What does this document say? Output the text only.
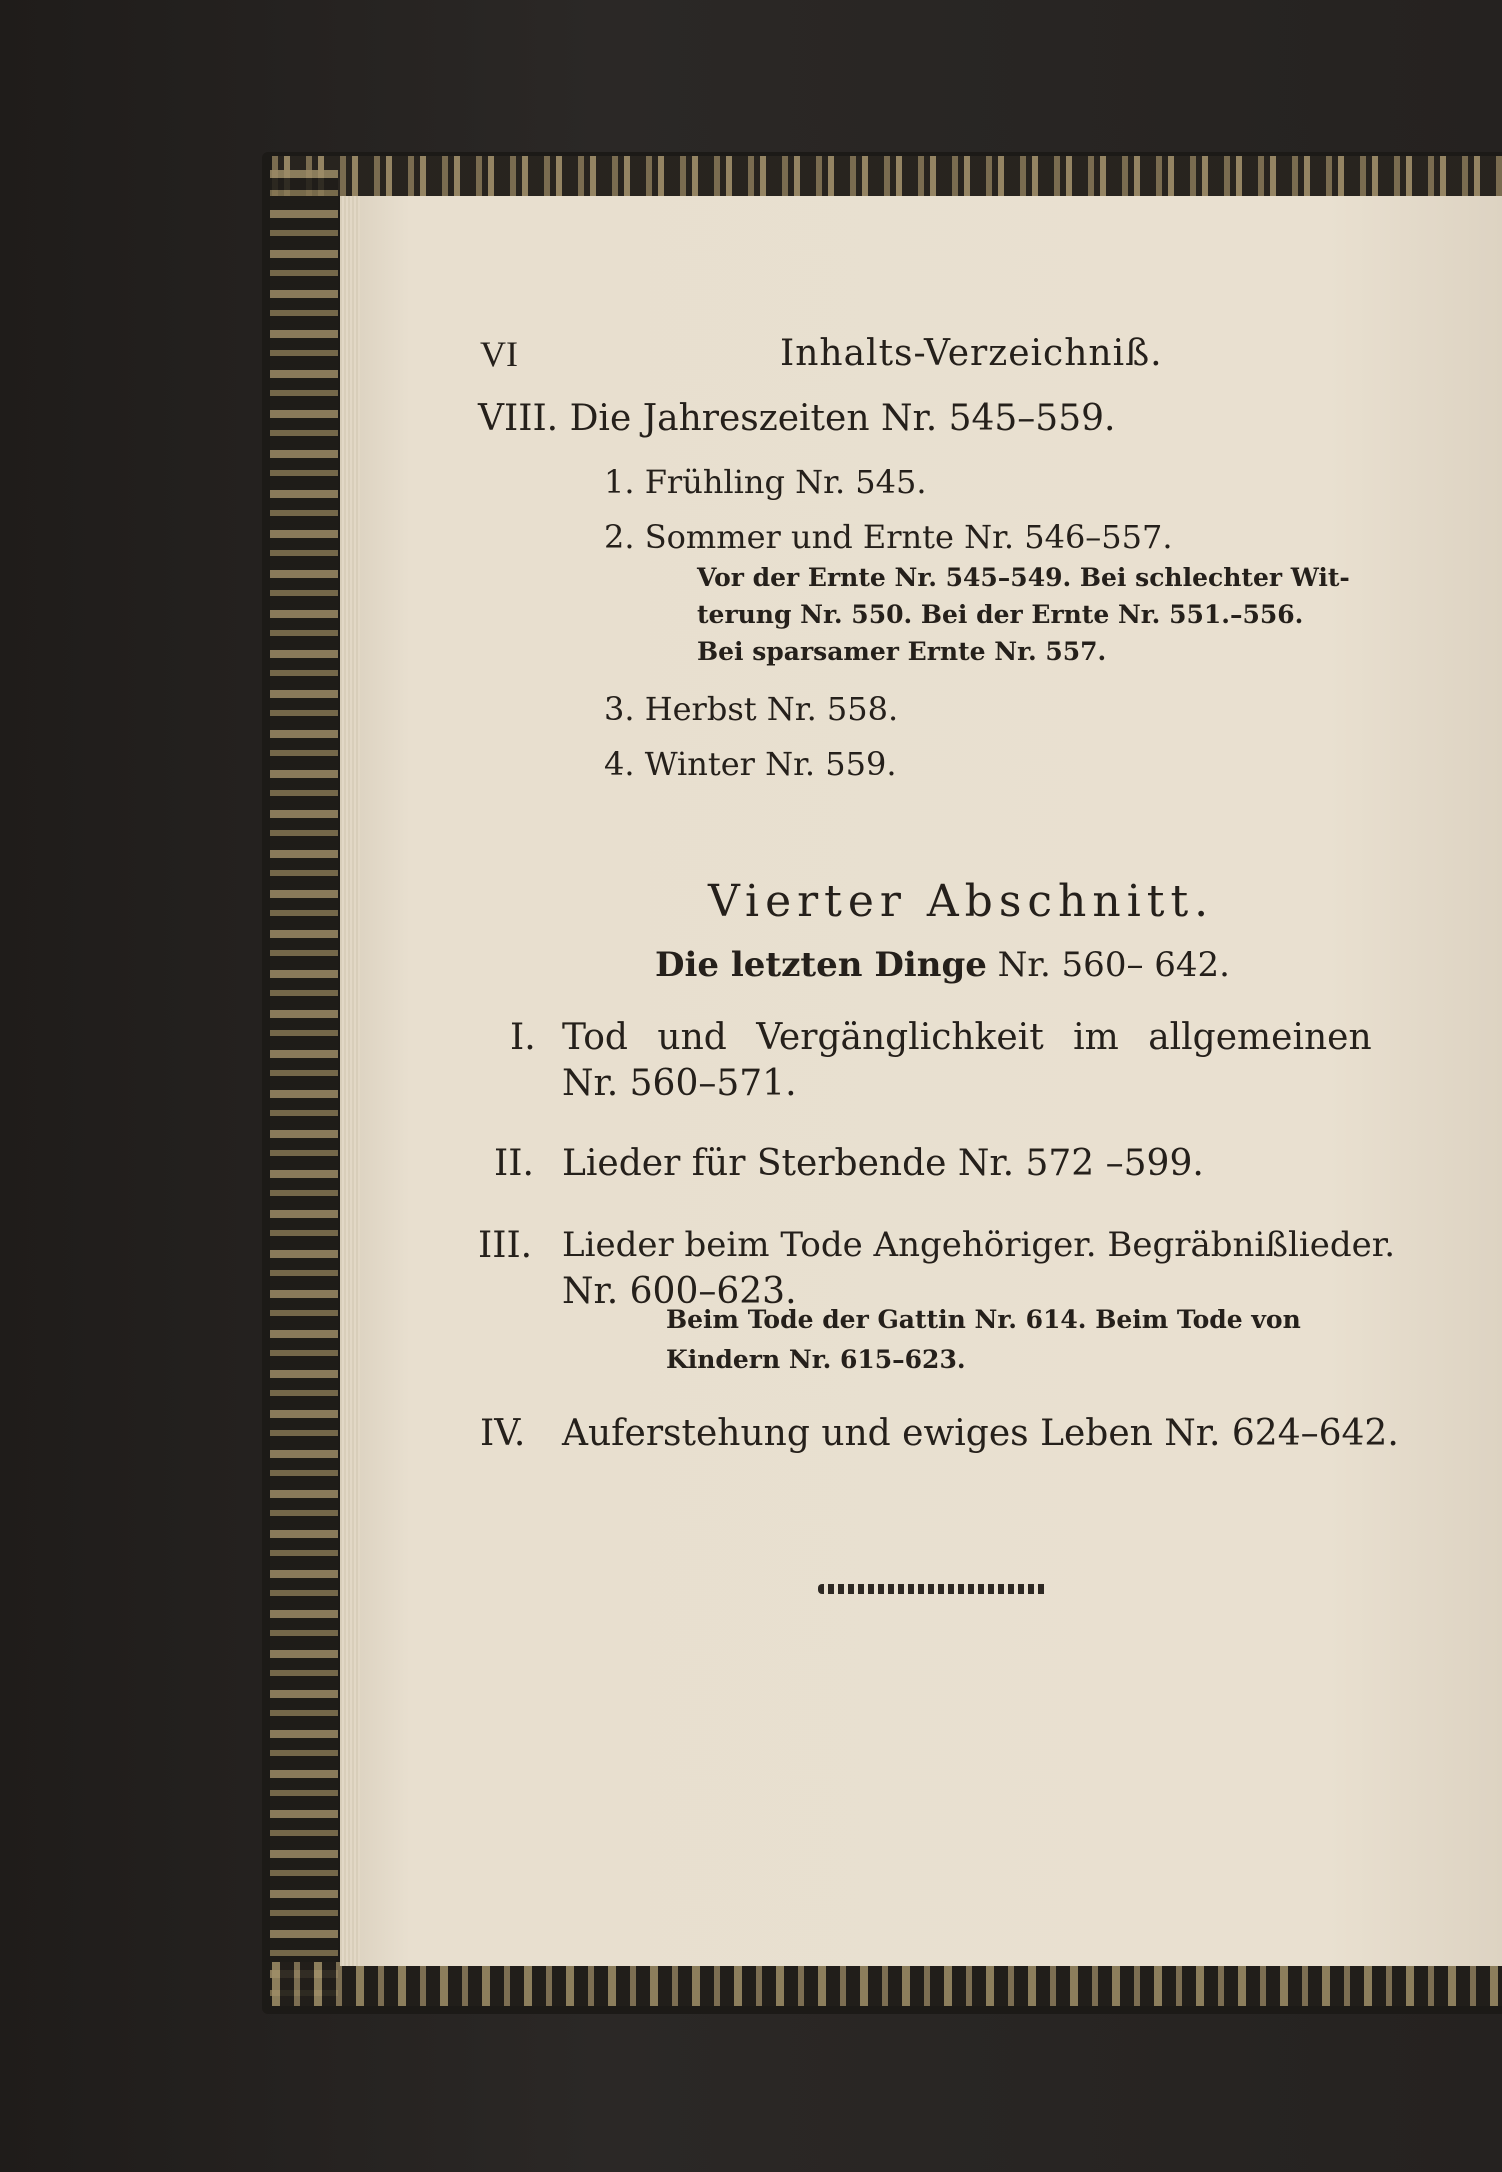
VI	Inhalts-Verzeichniß.
VIII. Die Jahreszeiten Nr. 545–559.
1. Frühling Nr. 545.
2. Sommer und Ernte Nr. 546–557.
Vor der Ernte Nr. 545–549. Bei schlechter Wit-
terung Nr. 550. Bei der Ernte Nr. 551.–556.
Bei sparsamer Ernte Nr. 557.
3. Herbst Nr. 558.
4. Winter Nr. 559.
Vierter Abschnitt.
Die letzten Dinge Nr. 560– 642.
I. Tod und Vergänglichkeit im allgemeinen
Nr. 560–571.
II. Lieder für Sterbende Nr. 572 –599.
III. Lieder beim Tode Angehöriger. Begräbnißlieder.
Nr. 600–623.
Beim Tode der Gattin Nr. 614. Beim Tode von
Kindern Nr. 615–623.
IV. Auferstehung und ewiges Leben Nr. 624–642.
